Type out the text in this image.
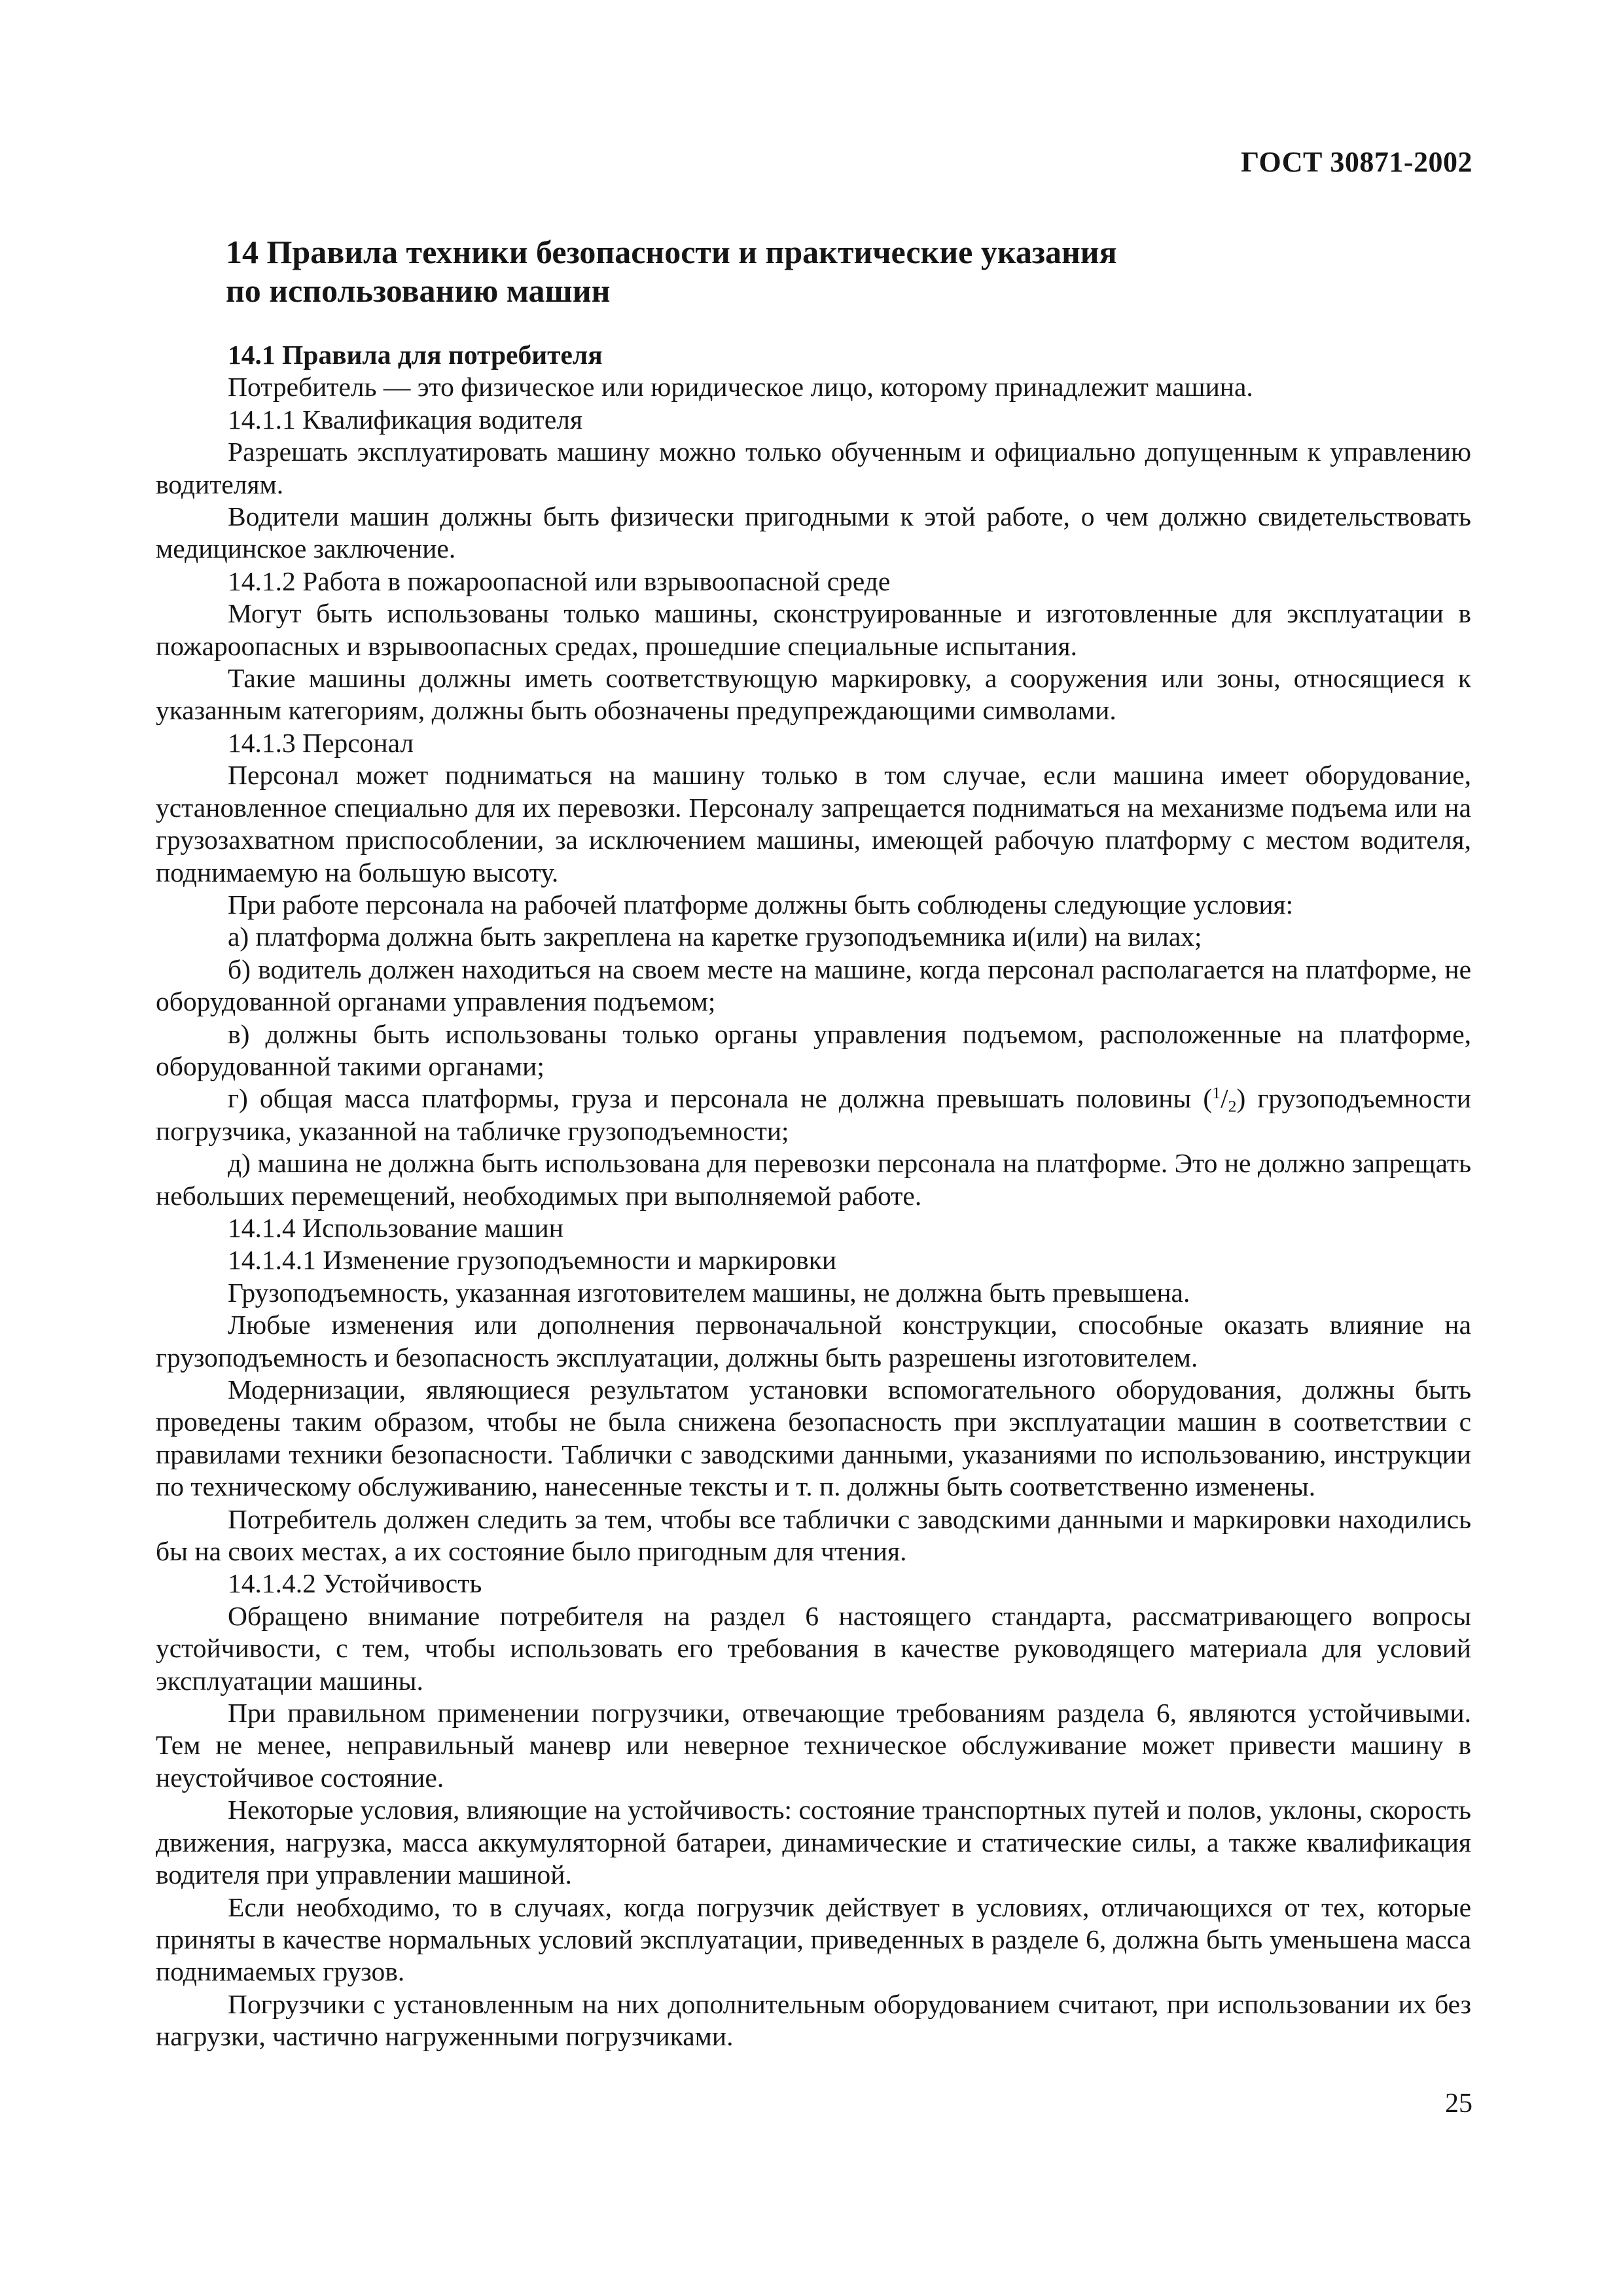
ГОСТ 30871-2002
14 Правила техники безопасности и практические указания
по использованию машин

14.1 Правила для потребителя

Потребитель — это физическое или юридическое лицо, которому принадлежит машина.

14.1.1 Квалификация водителя

Разрешать эксплуатировать машину можно только обученным и официально допущенным к управлению водителям.

Водители машин должны быть физически пригодными к этой работе, о чем должно свидетельствовать медицинское заключение.

14.1.2 Работа в пожароопасной или взрывоопасной среде

Могут быть использованы только машины, сконструированные и изготовленные для эксплуатации в пожароопасных и взрывоопасных средах, прошедшие специальные испытания.

Такие машины должны иметь соответствующую маркировку, а сооружения или зоны, относящиеся к указанным категориям, должны быть обозначены предупреждающими символами.

14.1.3 Персонал

Персонал может подниматься на машину только в том случае, если машина имеет оборудование, установленное специально для их перевозки. Персоналу запрещается подниматься на механизме подъема или на грузозахватном приспособлении, за исключением машины, имеющей рабочую платформу с местом водителя, поднимаемую на большую высоту.

При работе персонала на рабочей платформе должны быть соблюдены следующие условия:

а) платформа должна быть закреплена на каретке грузоподъемника и(или) на вилах;

б) водитель должен находиться на своем месте на машине, когда персонал располагается на платформе, не оборудованной органами управления подъемом;

в) должны быть использованы только органы управления подъемом, расположенные на платформе, оборудованной такими органами;

г) общая масса платформы, груза и персонала не должна превышать половины $(^1/_2)$ грузоподъемности погрузчика, указанной на табличке грузоподъемности;

д) машина не должна быть использована для перевозки персонала на платформе. Это не должно запрещать небольших перемещений, необходимых при выполняемой работе.

14.1.4 Использование машин

14.1.4.1 Изменение грузоподъемности и маркировки

Грузоподъемность, указанная изготовителем машины, не должна быть превышена.

Любые изменения или дополнения первоначальной конструкции, способные оказать влияние на грузоподъемность и безопасность эксплуатации, должны быть разрешены изготовителем.

Модернизации, являющиеся результатом установки вспомогательного оборудования, должны быть проведены таким образом, чтобы не была снижена безопасность при эксплуатации машин в соответствии с правилами техники безопасности. Таблички с заводскими данными, указаниями по использованию, инструкции по техническому обслуживанию, нанесенные тексты и т. п. должны быть соответственно изменены.

Потребитель должен следить за тем, чтобы все таблички с заводскими данными и маркировки находились бы на своих местах, а их состояние было пригодным для чтения.

14.1.4.2 Устойчивость

Обращено внимание потребителя на раздел 6 настоящего стандарта, рассматривающего вопросы устойчивости, с тем, чтобы использовать его требования в качестве руководящего материала для условий эксплуатации машины.

При правильном применении погрузчики, отвечающие требованиям раздела 6, являются устойчивыми. Тем не менее, неправильный маневр или неверное техническое обслуживание может привести машину в неустойчивое состояние.

Некоторые условия, влияющие на устойчивость: состояние транспортных путей и полов, уклоны, скорость движения, нагрузка, масса аккумуляторной батареи, динамические и статические силы, а также квалификация водителя при управлении машиной.

Если необходимо, то в случаях, когда погрузчик действует в условиях, отличающихся от тех, которые приняты в качестве нормальных условий эксплуатации, приведенных в разделе 6, должна быть уменьшена масса поднимаемых грузов.

Погрузчики с установленным на них дополнительным оборудованием считают, при использовании их без нагрузки, частично нагруженными погрузчиками.

25
